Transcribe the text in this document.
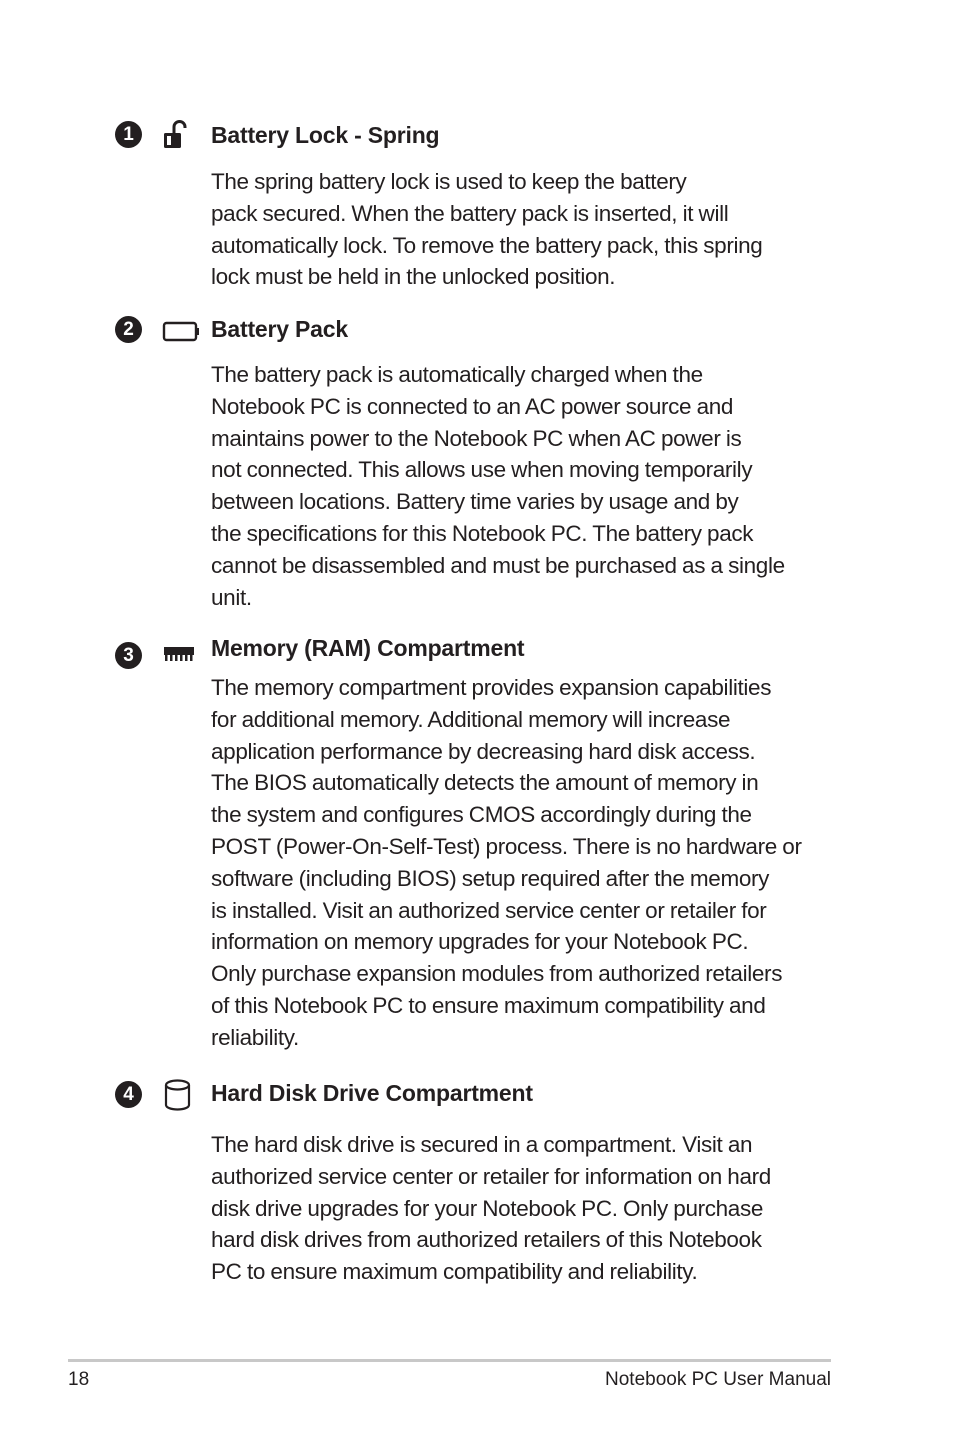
1	Battery Lock - Spring

The spring battery lock is used to keep the battery
pack secured. When the battery pack is inserted, it will
automatically lock. To remove the battery pack, this spring
lock must be held in the unlocked position.

2	Battery Pack

The battery pack is automatically charged when the
Notebook PC is connected to an AC power source and
maintains power to the Notebook PC when AC power is
not connected. This allows use when moving temporarily
between locations. Battery time varies by usage and by
the specifications for this Notebook PC. The battery pack
cannot be disassembled and must be purchased as a single
unit.

3	Memory (RAM) Compartment

The memory compartment provides expansion capabilities
for additional memory. Additional memory will increase
application performance by decreasing hard disk access.
The BIOS automatically detects the amount of memory in
the system and configures CMOS accordingly during the
POST (Power-On-Self-Test) process. There is no hardware or
software (including BIOS) setup required after the memory
is installed. Visit an authorized service center or retailer for
information on memory upgrades for your Notebook PC.
Only purchase expansion modules from authorized retailers
of this Notebook PC to ensure maximum compatibility and
reliability.

4	Hard Disk Drive Compartment

The hard disk drive is secured in a compartment. Visit an
authorized service center or retailer for information on hard
disk drive upgrades for your Notebook PC. Only purchase
hard disk drives from authorized retailers of this Notebook
PC to ensure maximum compatibility and reliability.

18	Notebook PC User Manual
